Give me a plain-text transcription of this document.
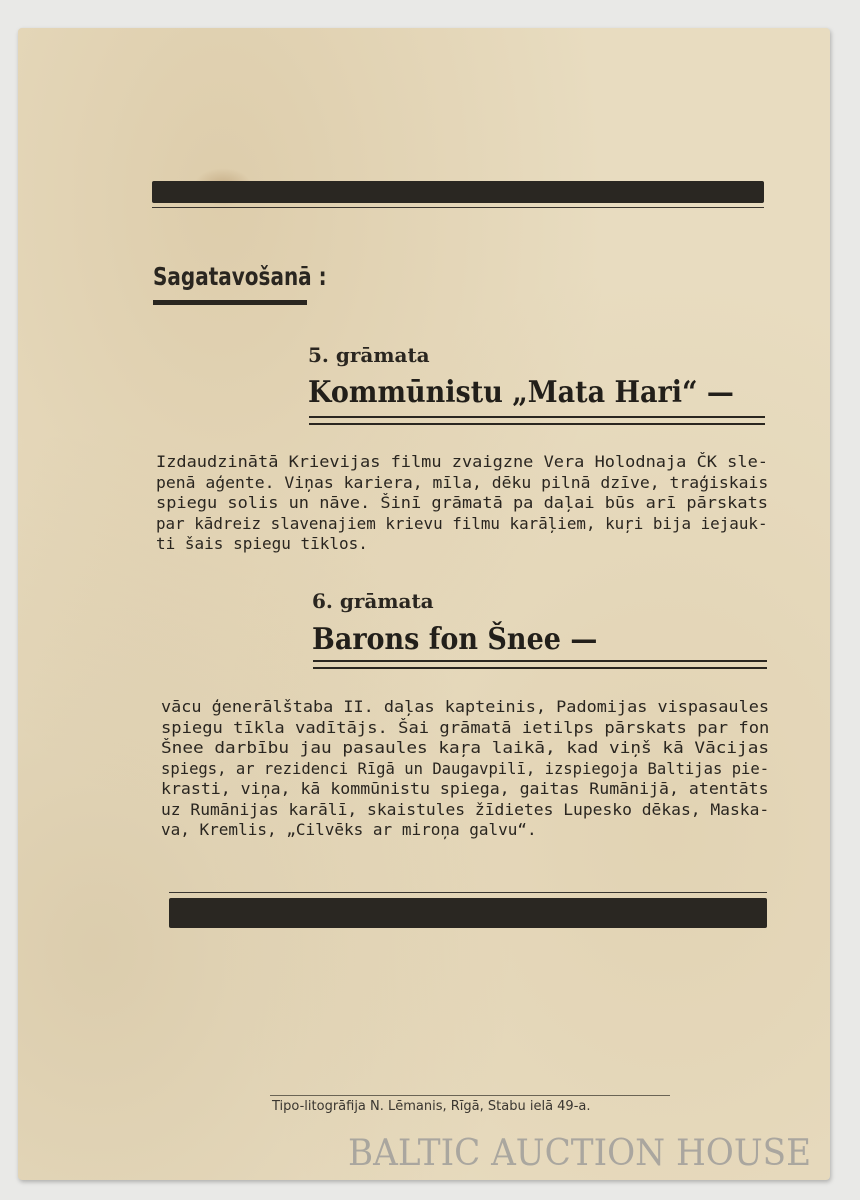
Sagatavošanā :
5. grāmata
Kommūnistu „Mata Hari“ —
Izdaudzinātā Krievijas filmu zvaigzne Vera Holodnaja ČK sle-
penā aģente. Viņas kariera, mīla, dēku pilnā dzīve, traģiskais
spiegu solis un nāve. Šinī grāmatā pa daļai būs arī pārskats
par kādreiz slavenajiem krievu filmu karāļiem, kuŗi bija iejauk-
ti šais spiegu tīklos.
6. grāmata
Barons fon Šnee —
vācu ģenerālštaba II. daļas kapteinis, Padomijas vispasaules
spiegu tīkla vadītājs. Šai grāmatā ietilps pārskats par fon
Šnee darbību jau pasaules kaŗa laikā, kad viņš kā Vācijas
spiegs, ar rezidenci Rīgā un Daugavpilī, izspiegoja Baltijas pie-
krasti, viņa, kā kommūnistu spiega, gaitas Rumānijā, atentāts
uz Rumānijas karālī, skaistules žīdietes Lupesko dēkas, Maska-
va, Kremlis, „Cilvēks ar miroņa galvu“.
Tipo-litogrāfija N. Lēmanis, Rīgā, Stabu ielā 49-a.
BALTIC AUCTION HOUSE
